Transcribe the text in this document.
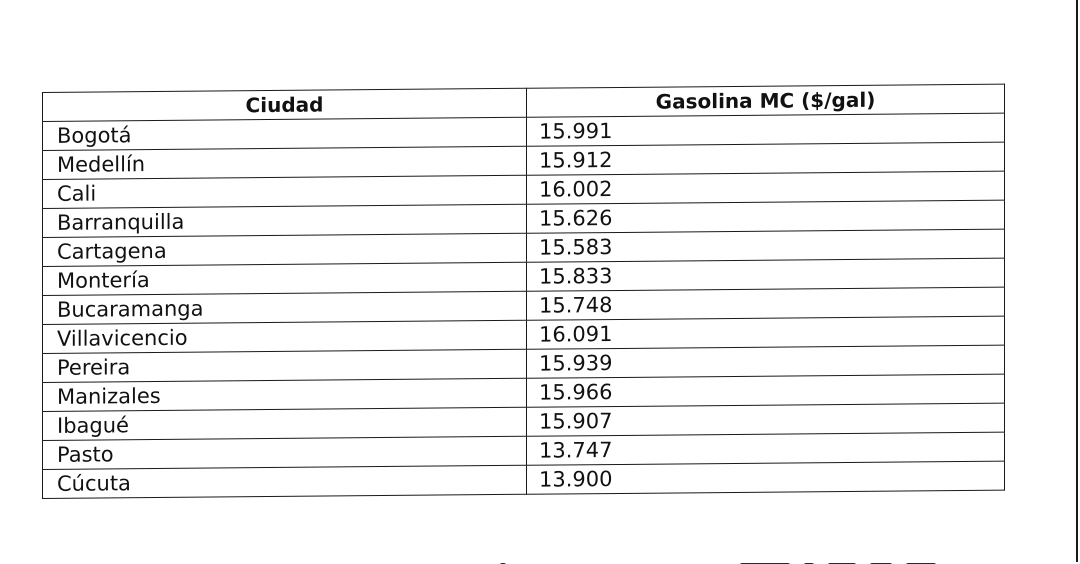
Ciudad	Gasolina MC ($/gal)
Bogotá	15.991
Medellín	15.912
Cali	16.002
Barranquilla	15.626
Cartagena	15.583
Montería	15.833
Bucaramanga	15.748
Villavicencio	16.091
Pereira	15.939
Manizales	15.966
Ibagué	15.907
Pasto	13.747
Cúcuta	13.900
